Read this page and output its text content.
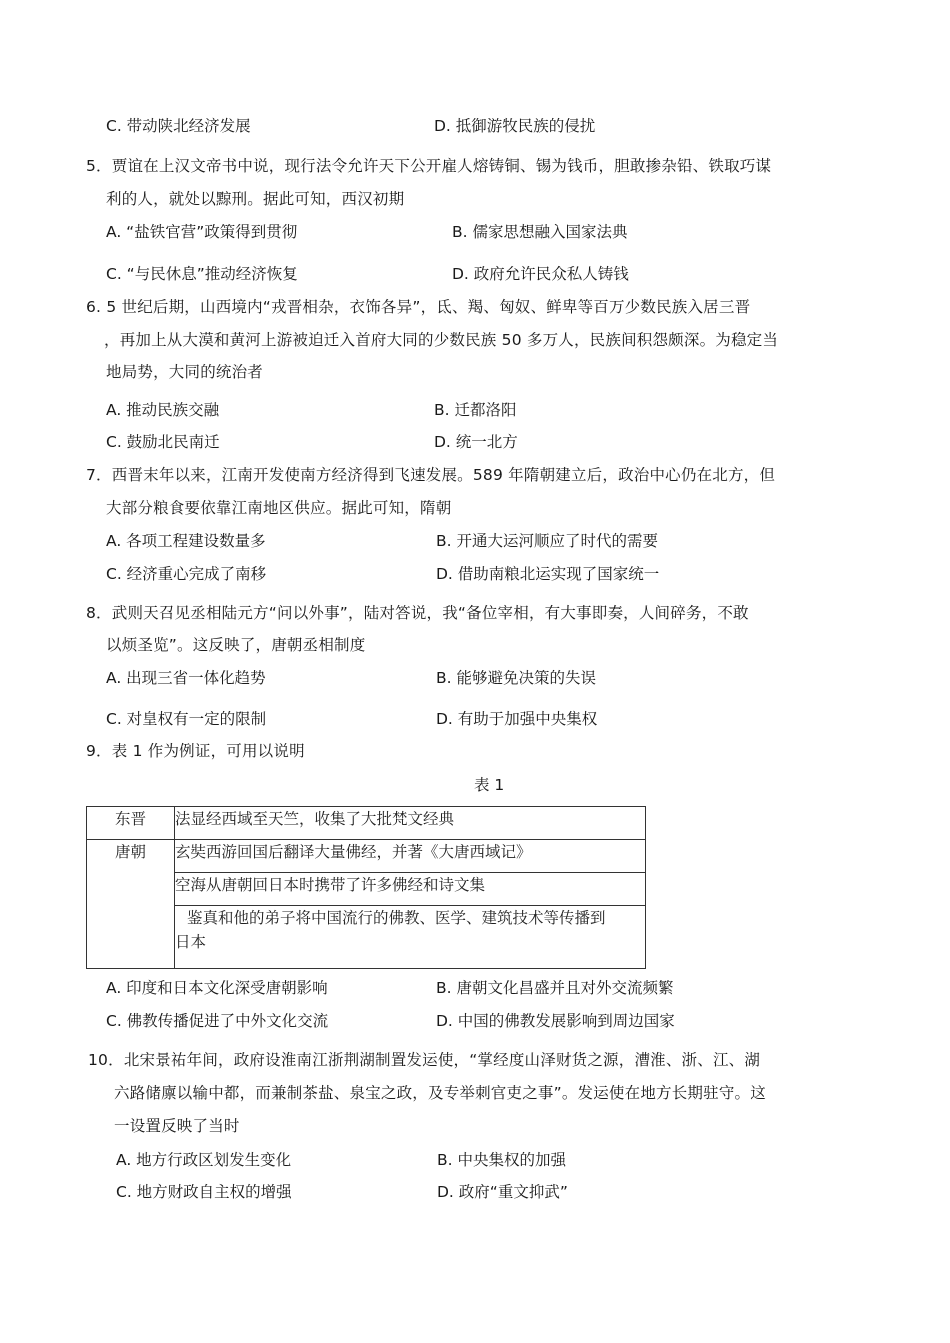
C. 带动陕北经济发展	D. 抵御游牧民族的侵扰
5．贾谊在上汉文帝书中说，现行法令允许天下公开雇人熔铸铜、锡为钱币，胆敢掺杂铅、铁取巧谋
利的人，就处以黥刑。据此可知，西汉初期
A. “盐铁官营”政策得到贯彻	B. 儒家思想融入国家法典
C. “与民休息”推动经济恢复	D. 政府允许民众私人铸钱
6. 5 世纪后期，山西境内“戎晋相杂，衣饰各异”，氐、羯、匈奴、鲜卑等百万少数民族入居三晋
，再加上从大漠和黄河上游被迫迁入首府大同的少数民族 50 多万人，民族间积怨颇深。为稳定当
地局势，大同的统治者
A. 推动民族交融	B. 迁都洛阳
C. 鼓励北民南迁	D. 统一北方
7．西晋末年以来，江南开发使南方经济得到飞速发展。589 年隋朝建立后，政治中心仍在北方，但
大部分粮食要依靠江南地区供应。据此可知，隋朝
A. 各项工程建设数量多	B. 开通大运河顺应了时代的需要
C. 经济重心完成了南移	D. 借助南粮北运实现了国家统一
8．武则天召见丞相陆元方“问以外事”，陆对答说，我“备位宰相，有大事即奏，人间碎务，不敢
以烦圣览”。这反映了，唐朝丞相制度
A. 出现三省一体化趋势	B. 能够避免决策的失误
C. 对皇权有一定的限制	D. 有助于加强中央集权
9．表 1 作为例证，可用以说明
表 1
东晋	法显经西域至天竺，收集了大批梵文经典
唐朝	玄奘西游回国后翻译大量佛经，并著《大唐西域记》
	空海从唐朝回日本时携带了许多佛经和诗文集
	鉴真和他的弟子将中国流行的佛教、医学、建筑技术等传播到
日本
A. 印度和日本文化深受唐朝影响	B. 唐朝文化昌盛并且对外交流频繁
C. 佛教传播促进了中外文化交流	D. 中国的佛教发展影响到周边国家
10．北宋景祐年间，政府设淮南江浙荆湖制置发运使，“掌经度山泽财货之源，漕淮、浙、江、湖
六路储廪以输中都，而兼制茶盐、泉宝之政，及专举刺官吏之事”。发运使在地方长期驻守。这
一设置反映了当时
A. 地方行政区划发生变化	B. 中央集权的加强
C. 地方财政自主权的增强	D. 政府“重文抑武”
